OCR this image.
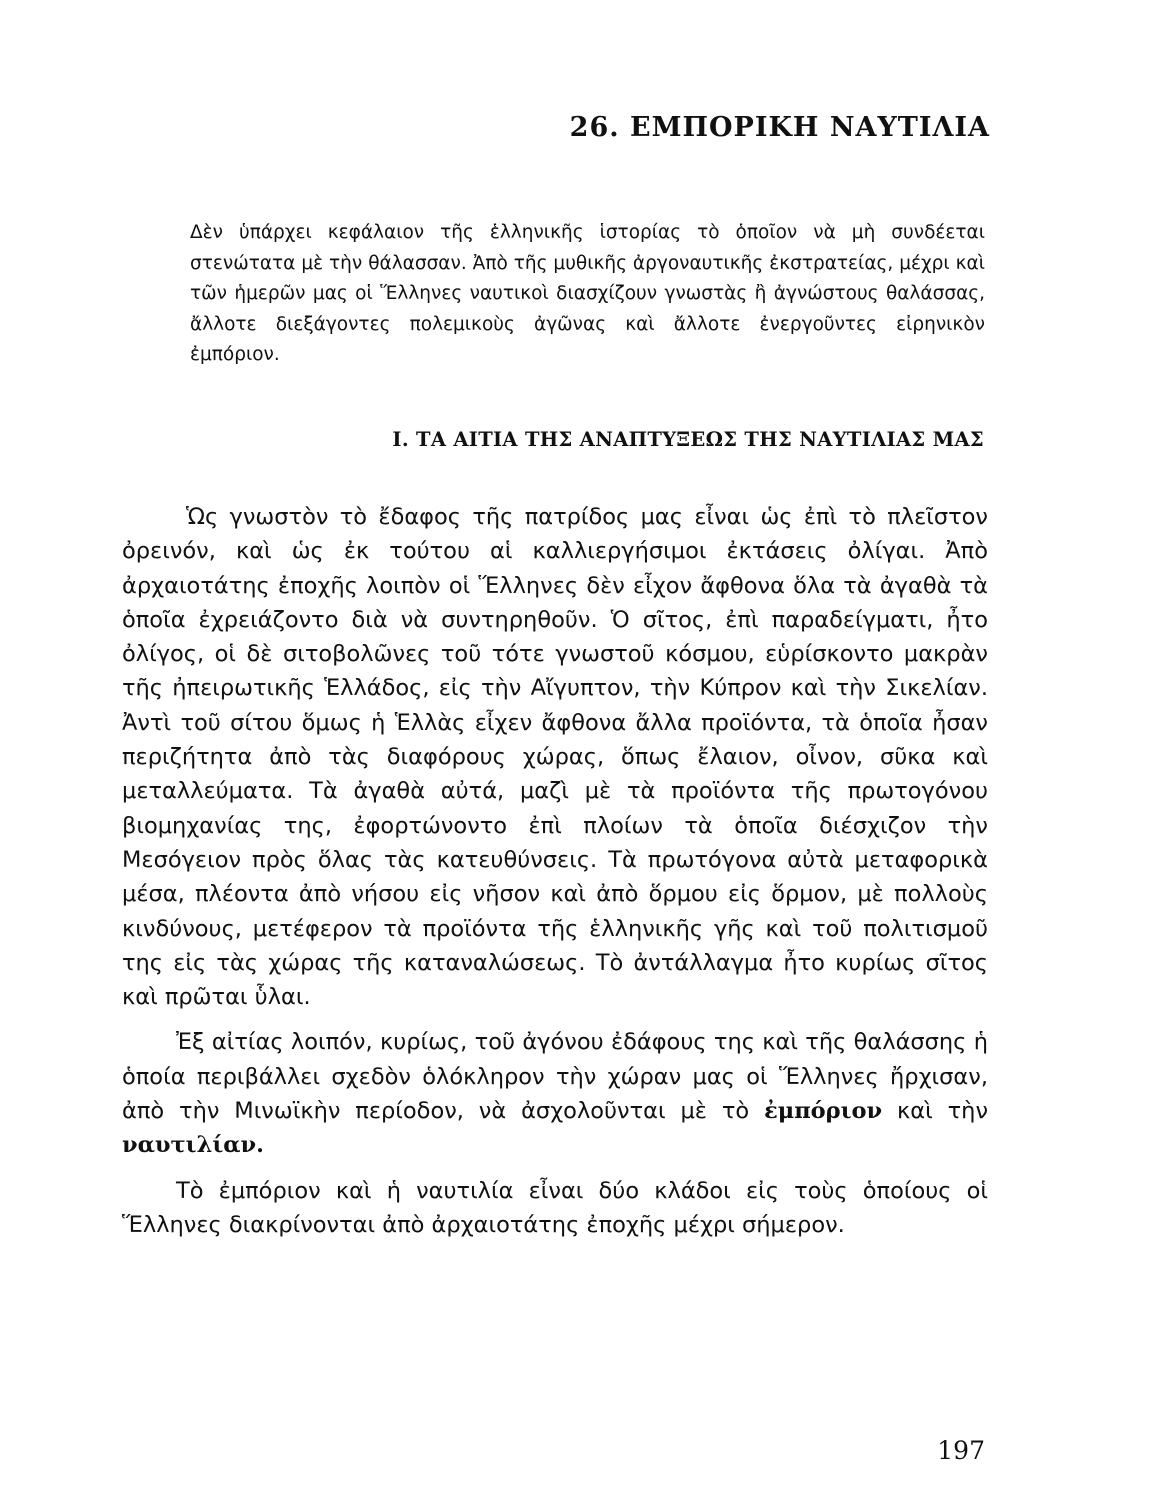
26. ΕΜΠΟΡΙΚΗ ΝΑΥΤΙΛΙΑ

Δὲν ὑπάρχει κεφάλαιον τῆς ἑλληνικῆς ἱστορίας τὸ ὁποῖον νὰ μὴ συνδέεται στενώτατα μὲ τὴν θάλασσαν. Ἀπὸ τῆς μυθικῆς ἀργοναυτικῆς ἐκστρατείας, μέχρι καὶ τῶν ἡμερῶν μας οἱ Ἕλληνες ναυτικοὶ διασχίζουν γνωστὰς ἢ ἀγνώστους θαλάσσας, ἄλλοτε διεξάγοντες πολεμικοὺς ἀγῶνας καὶ ἄλλοτε ἐνεργοῦντες εἰρηνικὸν ἐμπόριον.

I. ΤΑ ΑΙΤΙΑ ΤΗΣ ΑΝΑΠΤΥΞΕΩΣ ΤΗΣ ΝΑΥΤΙΛΙΑΣ ΜΑΣ

Ὡς γνωστὸν τὸ ἔδαφος τῆς πατρίδος μας εἶναι ὡς ἐπὶ τὸ πλεῖστον ὀρεινόν, καὶ ὡς ἐκ τούτου αἱ καλλιεργήσιμοι ἐκτάσεις ὀλίγαι. Ἀπὸ ἀρχαιοτάτης ἐποχῆς λοιπὸν οἱ Ἕλληνες δὲν εἶχον ἄφθονα ὅλα τὰ ἀγαθὰ τὰ ὁποῖα ἐχρειάζοντο διὰ νὰ συντηρηθοῦν. Ὁ σῖτος, ἐπὶ παραδείγματι, ἦτο ὀλίγος, οἱ δὲ σιτοβολῶνες τοῦ τότε γνωστοῦ κόσμου, εὑρίσκοντο μακρὰν τῆς ἠπειρωτικῆς Ἑλλάδος, εἰς τὴν Αἴγυπτον, τὴν Κύπρον καὶ τὴν Σικελίαν. Ἀντὶ τοῦ σίτου ὅμως ἡ Ἑλλὰς εἶχεν ἄφθονα ἄλλα προϊόντα, τὰ ὁποῖα ἦσαν περιζήτητα ἀπὸ τὰς διαφόρους χώρας, ὅπως ἔλαιον, οἶνον, σῦκα καὶ μεταλλεύματα. Τὰ ἀγαθὰ αὐτά, μαζὶ μὲ τὰ προϊόντα τῆς πρωτογόνου βιομηχανίας της, ἐφορτώνοντο ἐπὶ πλοίων τὰ ὁποῖα διέσχιζον τὴν Μεσόγειον πρὸς ὅλας τὰς κατευθύνσεις. Τὰ πρωτόγονα αὐτὰ μεταφορικὰ μέσα, πλέοντα ἀπὸ νήσου εἰς νῆσον καὶ ἀπὸ ὅρμου εἰς ὅρμον, μὲ πολλοὺς κινδύνους, μετέφερον τὰ προϊόντα τῆς ἑλληνικῆς γῆς καὶ τοῦ πολιτισμοῦ της εἰς τὰς χώρας τῆς καταναλώσεως. Τὸ ἀντάλλαγμα ἦτο κυρίως σῖτος καὶ πρῶται ὗλαι.

Ἐξ αἰτίας λοιπόν, κυρίως, τοῦ ἀγόνου ἐδάφους της καὶ τῆς θαλάσσης ἡ ὁποία περιβάλλει σχεδὸν ὁλόκληρον τὴν χώραν μας οἱ Ἕλληνες ἤρχισαν, ἀπὸ τὴν Μινωϊκὴν περίοδον, νὰ ἀσχολοῦνται μὲ τὸ ἐμπόριον καὶ τὴν ναυτιλίαν.

Τὸ ἐμπόριον καὶ ἡ ναυτιλία εἶναι δύο κλάδοι εἰς τοὺς ὁποίους οἱ Ἕλληνες διακρίνονται ἀπὸ ἀρχαιοτάτης ἐποχῆς μέχρι σήμερον.

197
